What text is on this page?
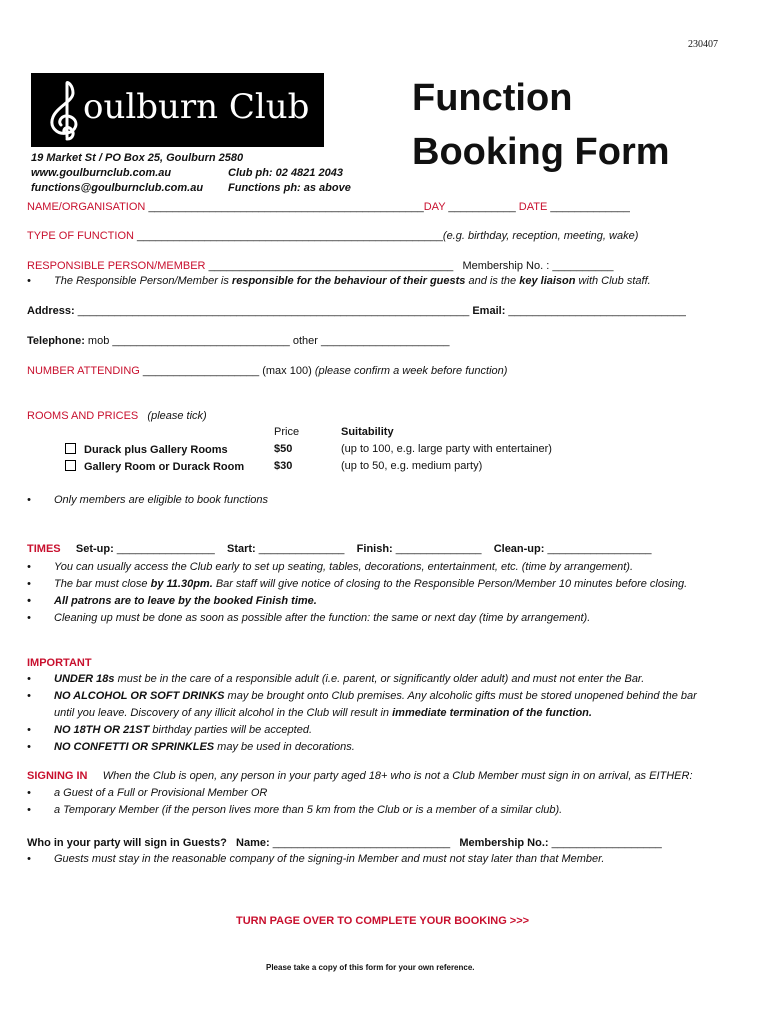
230407
oulburn Club
19 Market St / PO Box 25, Goulburn 2580
www.goulburnclub.com.au
functions@goulburnclub.com.au
Club ph: 02 4821 2043
Functions ph: as above
Function
Booking Form
NAME/ORGANISATION _____________________________________________DAY ___________ DATE _____________
TYPE OF FUNCTION __________________________________________________(e.g. birthday, reception, meeting, wake)
RESPONSIBLE PERSON/MEMBER ________________________________________ Membership No. : __________
• The Responsible Person/Member is responsible for the behaviour of their guests and is the key liaison with Club staff.
Address: ________________________________________________________________ Email: _____________________________
Telephone: mob _____________________________ other _____________________
NUMBER ATTENDING ___________________ (max 100) (please confirm a week before function)
ROOMS AND PRICES (please tick)
Price	Suitability
Durack plus Gallery Rooms	$50	(up to 100, e.g. large party with entertainer)
Gallery Room or Durack Room	$30	(up to 50, e.g. medium party)
• Only members are eligible to book functions
TIMES Set-up: ________________ Start: ______________ Finish: ______________ Clean-up: _________________
• You can usually access the Club early to set up seating, tables, decorations, entertainment, etc. (time by arrangement).
• The bar must close by 11.30pm. Bar staff will give notice of closing to the Responsible Person/Member 10 minutes before closing.
• All patrons are to leave by the booked Finish time.
• Cleaning up must be done as soon as possible after the function: the same or next day (time by arrangement).
IMPORTANT
• UNDER 18s must be in the care of a responsible adult (i.e. parent, or significantly older adult) and must not enter the Bar.
• NO ALCOHOL OR SOFT DRINKS may be brought onto Club premises. Any alcoholic gifts must be stored unopened behind the bar
until you leave. Discovery of any illicit alcohol in the Club will result in immediate termination of the function.
• NO 18TH OR 21ST birthday parties will be accepted.
• NO CONFETTI OR SPRINKLES may be used in decorations.
SIGNING IN When the Club is open, any person in your party aged 18+ who is not a Club Member must sign in on arrival, as EITHER:
• a Guest of a Full or Provisional Member OR
• a Temporary Member (if the person lives more than 5 km from the Club or is a member of a similar club).
Who in your party will sign in Guests? Name: _____________________________ Membership No.: __________________
• Guests must stay in the reasonable company of the signing-in Member and must not stay later than that Member.
TURN PAGE OVER TO COMPLETE YOUR BOOKING >>>
Please take a copy of this form for your own reference.
